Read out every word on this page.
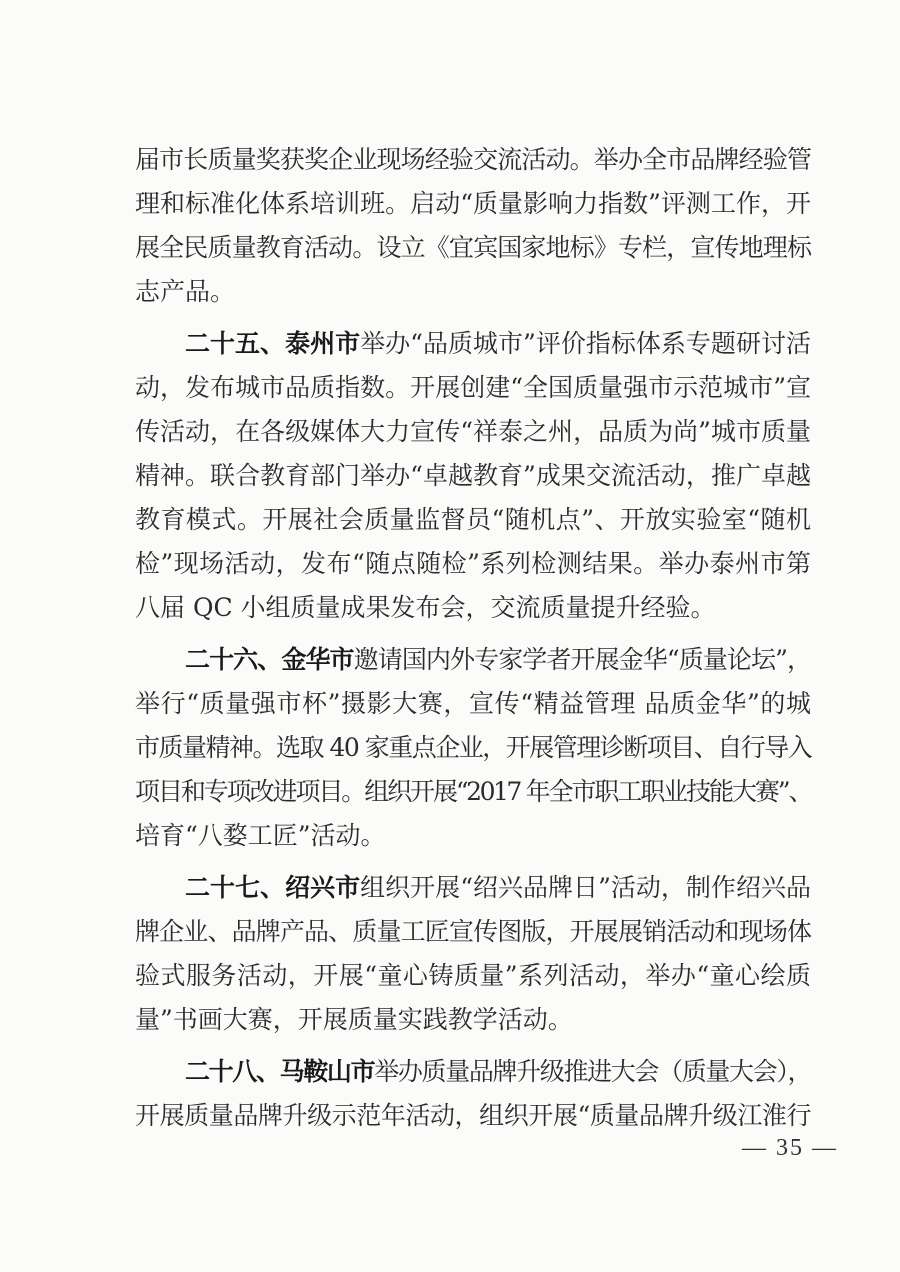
届市长质量奖获奖企业现场经验交流活动。举办全市品牌经验管
理和标准化体系培训班。启动“质量影响力指数”评测工作，开
展全民质量教育活动。设立《宜宾国家地标》专栏，宣传地理标
志产品。
二十五、泰州市举办“品质城市”评价指标体系专题研讨活
动，发布城市品质指数。开展创建“全国质量强市示范城市”宣
传活动，在各级媒体大力宣传“祥泰之州，品质为尚”城市质量
精神。联合教育部门举办“卓越教育”成果交流活动，推广卓越
教育模式。开展社会质量监督员“随机点”、开放实验室“随机
检”现场活动，发布“随点随检”系列检测结果。举办泰州市第
八届 QC 小组质量成果发布会，交流质量提升经验。
二十六、金华市邀请国内外专家学者开展金华“质量论坛”，
举行“质量强市杯”摄影大赛，宣传“精益管理 品质金华”的城
市质量精神。选取 40 家重点企业，开展管理诊断项目、自行导入
项目和专项改进项目。组织开展“2017 年全市职工职业技能大赛”、
培育“八婺工匠”活动。
二十七、绍兴市组织开展“绍兴品牌日”活动，制作绍兴品
牌企业、品牌产品、质量工匠宣传图版，开展展销活动和现场体
验式服务活动，开展“童心铸质量”系列活动，举办“童心绘质
量”书画大赛，开展质量实践教学活动。
二十八、马鞍山市举办质量品牌升级推进大会（质量大会），
开展质量品牌升级示范年活动，组织开展“质量品牌升级江淮行
— 35 —
